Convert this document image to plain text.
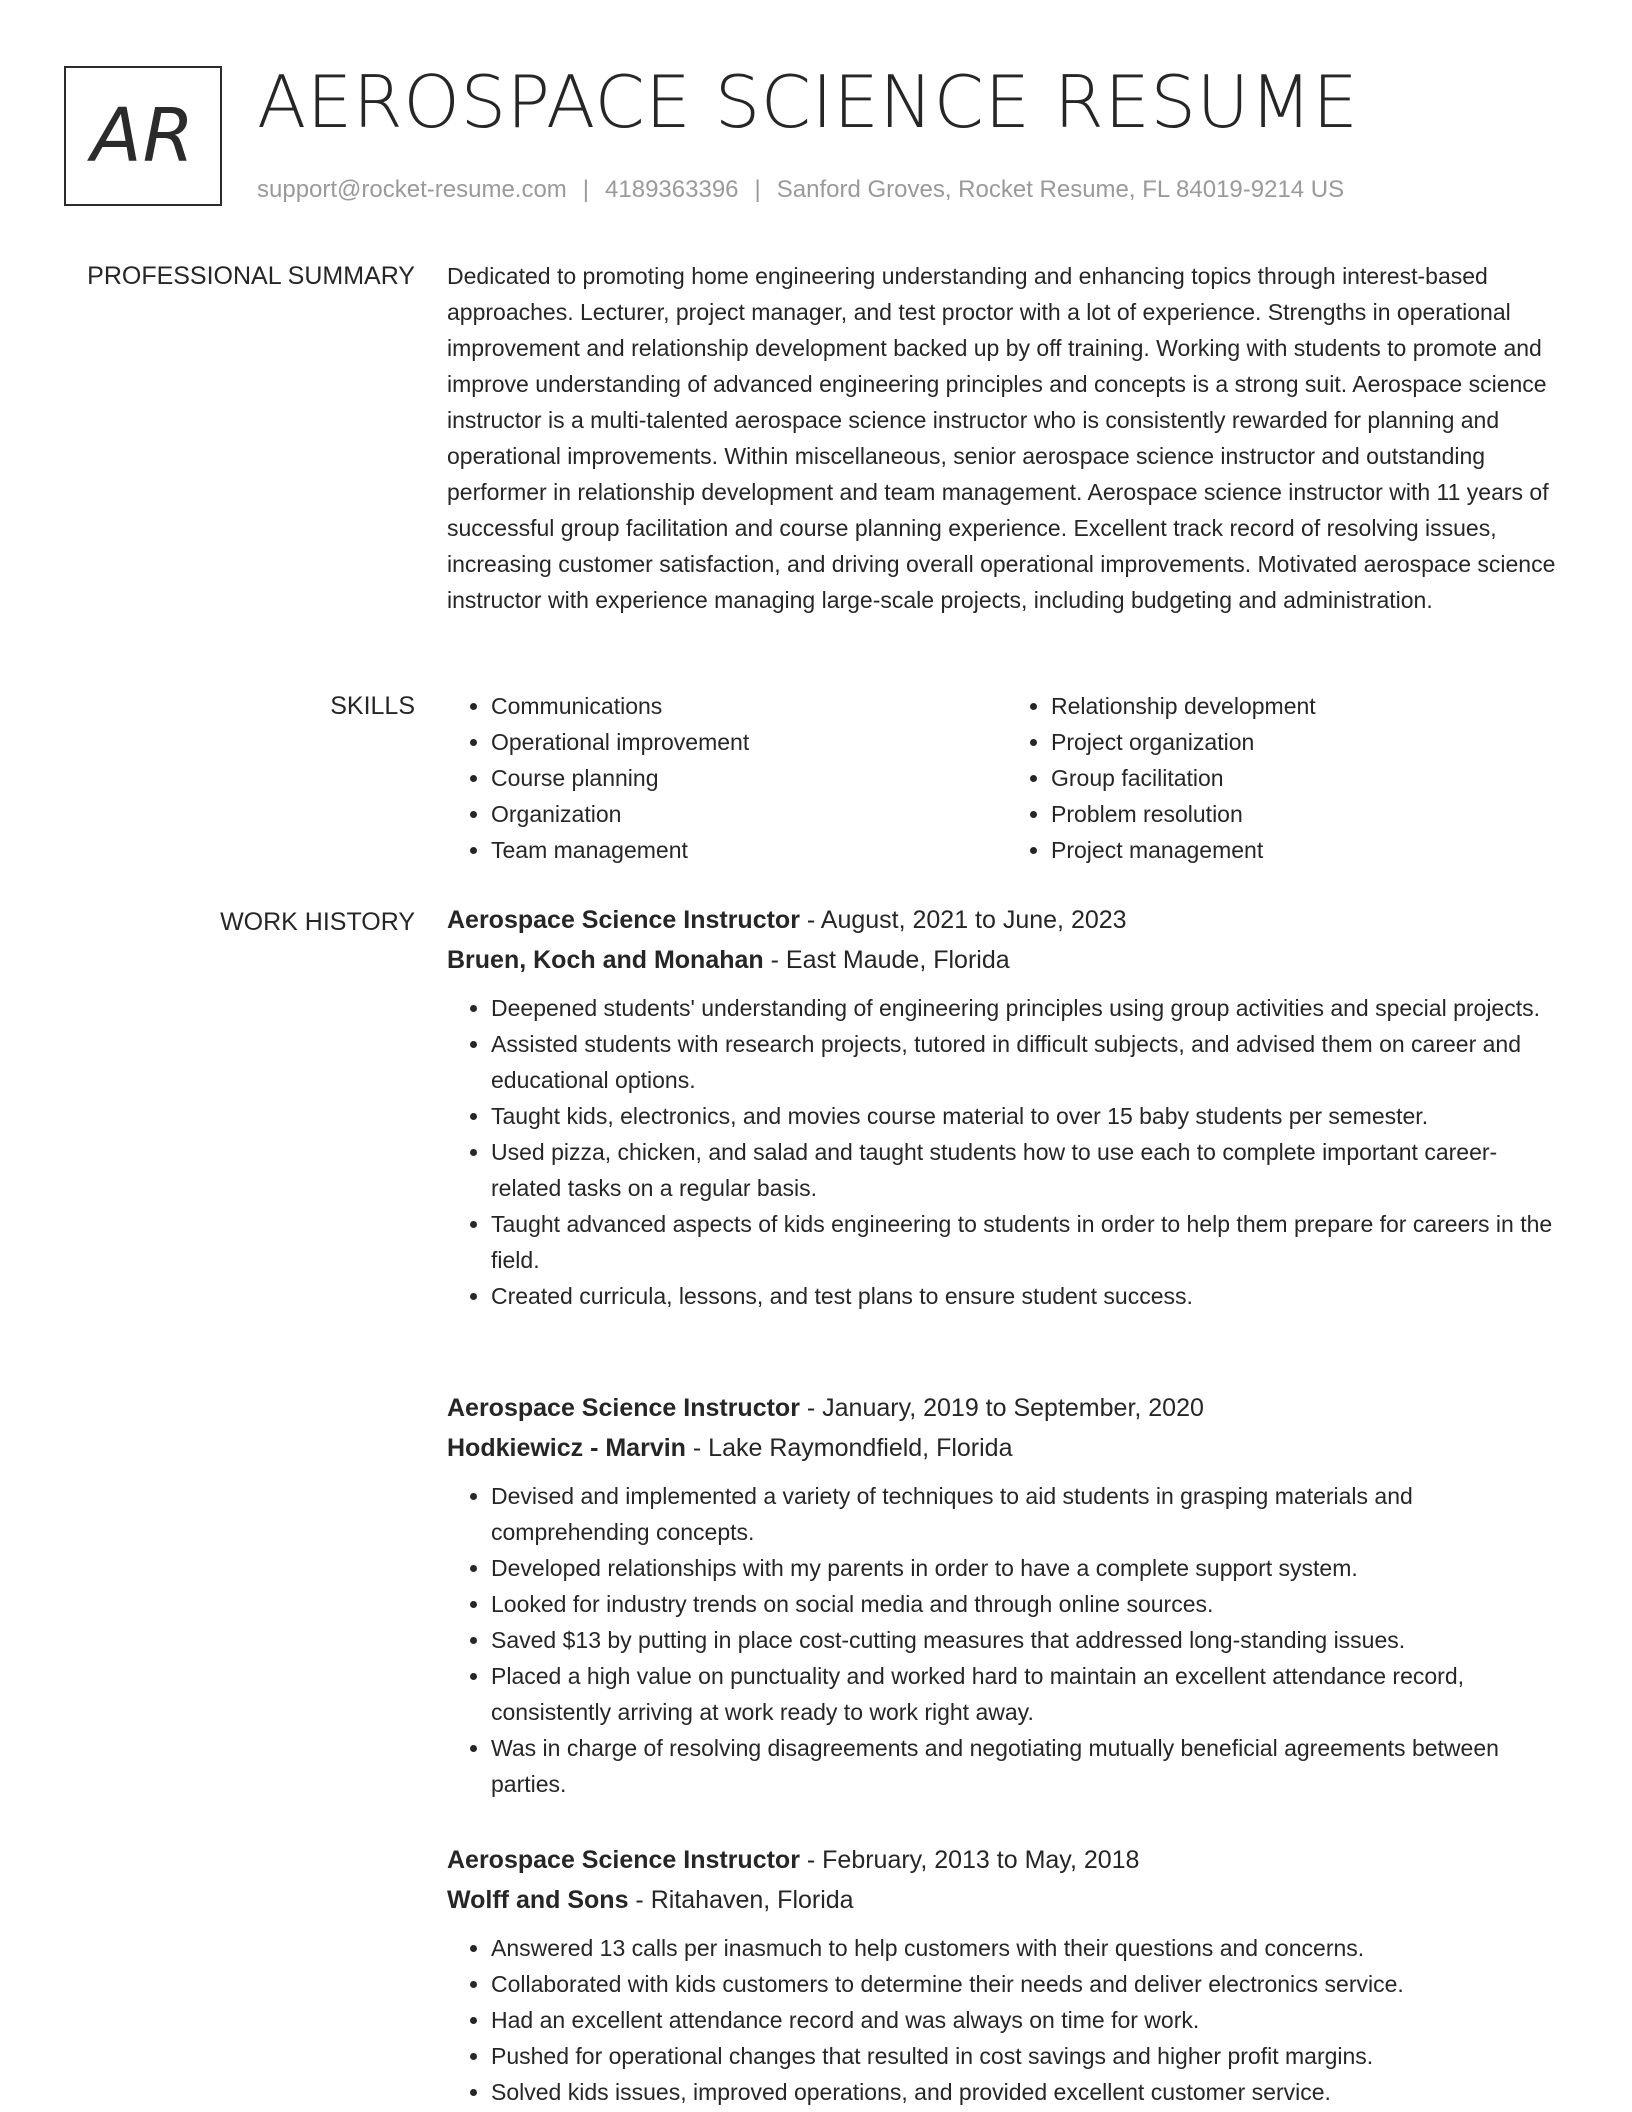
AR AEROSPACE SCIENCE RESUME
support@rocket-resume.com | 4189363396 | Sanford Groves, Rocket Resume, FL 84019-9214 US
PROFESSIONAL SUMMARY Dedicated to promoting home engineering understanding and enhancing topics through interest-based approaches. Lecturer, project manager, and test proctor with a lot of experience. Strengths in operational improvement and relationship development backed up by off training. Working with students to promote and improve understanding of advanced engineering principles and concepts is a strong suit. Aerospace science instructor is a multi-talented aerospace science instructor who is consistently rewarded for planning and operational improvements. Within miscellaneous, senior aerospace science instructor and outstanding performer in relationship development and team management. Aerospace science instructor with 11 years of successful group facilitation and course planning experience. Excellent track record of resolving issues, increasing customer satisfaction, and driving overall operational improvements. Motivated aerospace science instructor with experience managing large-scale projects, including budgeting and administration.

SKILLS
•	Communications
• Operational improvement
• Course planning
• Organization
• Team management
• Relationship development
• Project organization
• Group facilitation
• Problem resolution
• Project management
WORK HISTORY Aerospace Science Instructor - August, 2021 to June, 2023
Bruen, Koch and Monahan - East Maude, Florida
• Deepened students' understanding of engineering principles using group activities and special projects.
• Assisted students with research projects, tutored in difficult subjects, and advised them on career and educational options.
• Taught kids, electronics, and movies course material to over 15 baby students per semester.
• Used pizza, chicken, and salad and taught students how to use each to complete important career-related tasks on a regular basis.
• Taught advanced aspects of kids engineering to students in order to help them prepare for careers in the field.
• Created curricula, lessons, and test plans to ensure student success.
Aerospace Science Instructor - January, 2019 to September, 2020
Hodkiewicz - Marvin - Lake Raymondfield, Florida
• Devised and implemented a variety of techniques to aid students in grasping materials and comprehending concepts.
• Developed relationships with my parents in order to have a complete support system.
• Looked for industry trends on social media and through online sources.
• Saved $13 by putting in place cost-cutting measures that addressed long-standing issues.
• Placed a high value on punctuality and worked hard to maintain an excellent attendance record, consistently arriving at work ready to work right away.
• Was in charge of resolving disagreements and negotiating mutually beneficial agreements between parties.
Aerospace Science Instructor - February, 2013 to May, 2018
Wolff and Sons - Ritahaven, Florida
• Answered 13 calls per inasmuch to help customers with their questions and concerns.
• Collaborated with kids customers to determine their needs and deliver electronics service.
• Had an excellent attendance record and was always on time for work.
• Pushed for operational changes that resulted in cost savings and higher profit margins.
• Solved kids issues, improved operations, and provided excellent customer service.
